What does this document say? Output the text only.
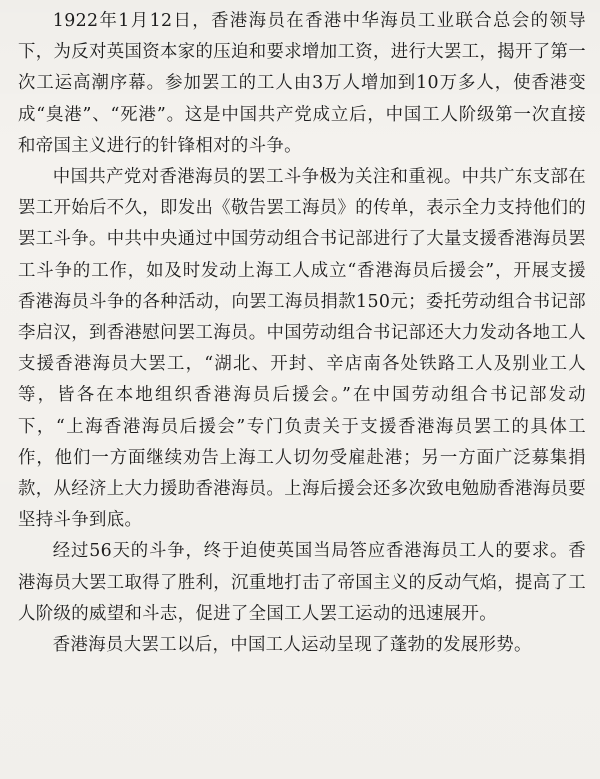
1922年1月12日，香港海员在香港中华海员工业联合总会的领导下，为反对英国资本家的压迫和要求增加工资，进行大罢工，揭开了第一次工运高潮序幕。参加罢工的工人由3万人增加到10万多人，使香港变成“臭港”、“死港”。这是中国共产党成立后，中国工人阶级第一次直接和帝国主义进行的针锋相对的斗争。

中国共产党对香港海员的罢工斗争极为关注和重视。中共广东支部在罢工开始后不久，即发出《敬告罢工海员》的传单，表示全力支持他们的罢工斗争。中共中央通过中国劳动组合书记部进行了大量支援香港海员罢工斗争的工作，如及时发动上海工人成立“香港海员后援会”，开展支援香港海员斗争的各种活动，向罢工海员捐款150元；委托劳动组合书记部李启汉，到香港慰问罢工海员。中国劳动组合书记部还大力发动各地工人支援香港海员大罢工，“湖北、开封、辛店南各处铁路工人及别业工人等，皆各在本地组织香港海员后援会。”在中国劳动组合书记部发动下，“上海香港海员后援会”专门负责关于支援香港海员罢工的具体工作，他们一方面继续劝告上海工人切勿受雇赴港；另一方面广泛募集捐款，从经济上大力援助香港海员。上海后援会还多次致电勉励香港海员要坚持斗争到底。

经过56天的斗争，终于迫使英国当局答应香港海员工人的要求。香港海员大罢工取得了胜利，沉重地打击了帝国主义的反动气焰，提高了工人阶级的威望和斗志，促进了全国工人罢工运动的迅速展开。

香港海员大罢工以后，中国工人运动呈现了蓬勃的发展形势。
